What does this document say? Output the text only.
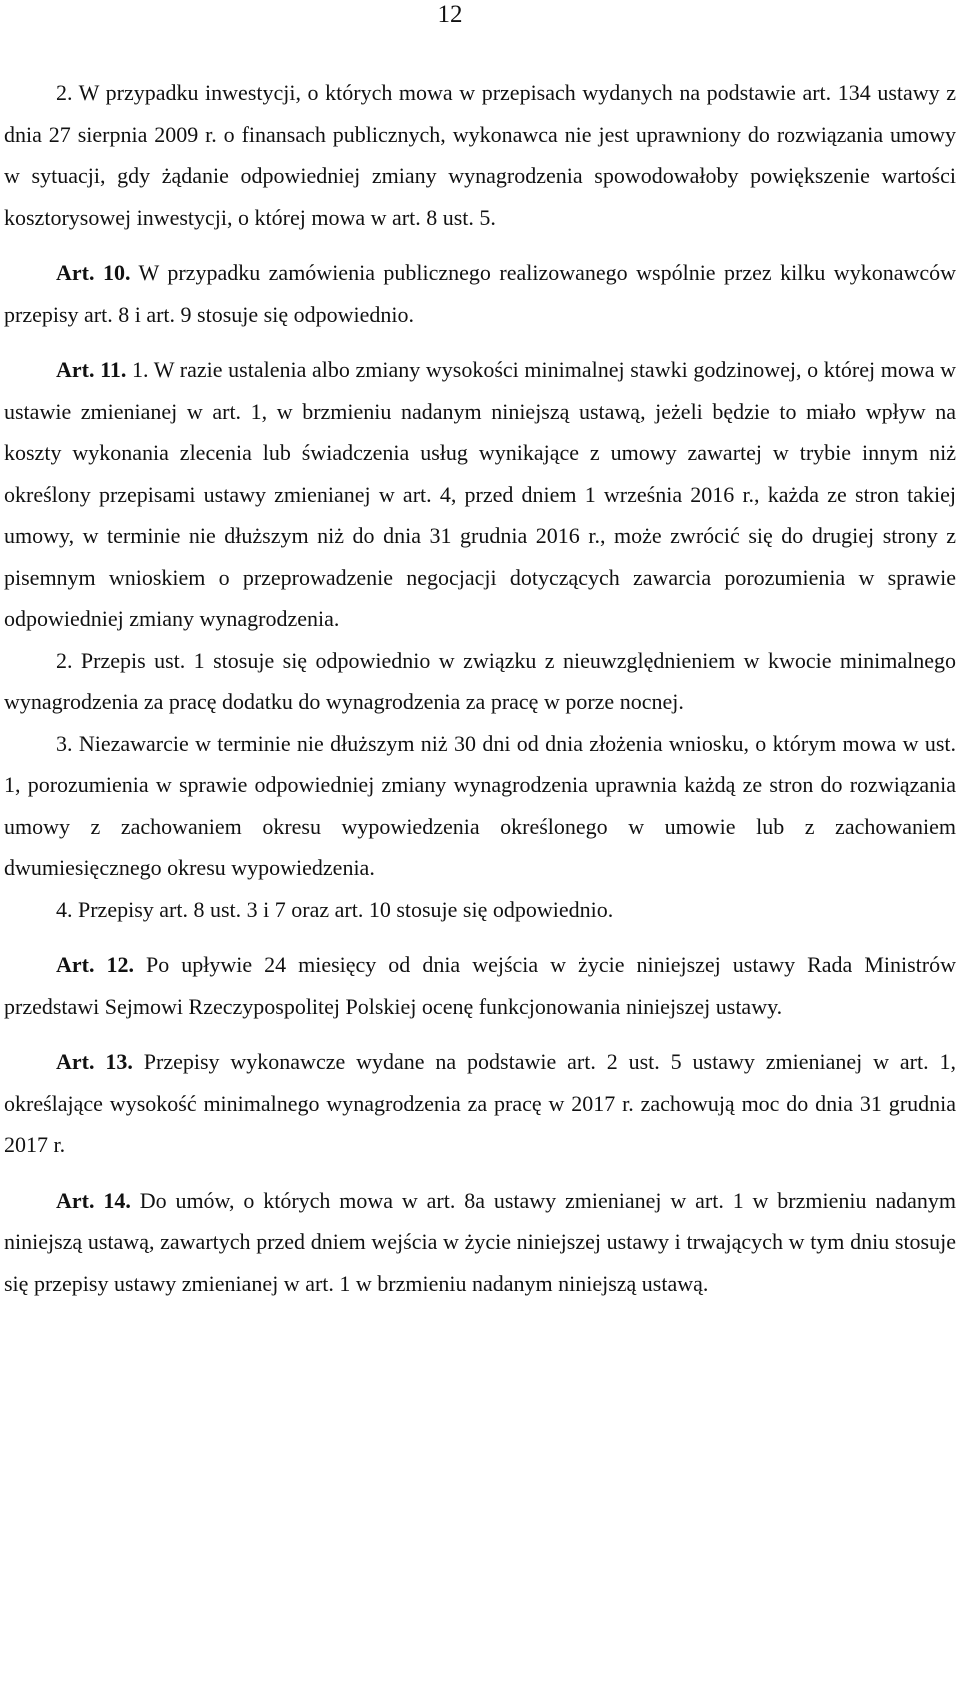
12

2. W przypadku inwestycji, o których mowa w przepisach wydanych na podstawie art. 134 ustawy z dnia 27 sierpnia 2009 r. o finansach publicznych, wykonawca nie jest uprawniony do rozwiązania umowy w sytuacji, gdy żądanie odpowiedniej zmiany wynagrodzenia spowodowałoby powiększenie wartości kosztorysowej inwestycji, o której mowa w art. 8 ust. 5.

Art. 10. W przypadku zamówienia publicznego realizowanego wspólnie przez kilku wykonawców przepisy art. 8 i art. 9 stosuje się odpowiednio.

Art. 11. 1. W razie ustalenia albo zmiany wysokości minimalnej stawki godzinowej, o której mowa w ustawie zmienianej w art. 1, w brzmieniu nadanym niniejszą ustawą, jeżeli będzie to miało wpływ na koszty wykonania zlecenia lub świadczenia usług wynikające z umowy zawartej w trybie innym niż określony przepisami ustawy zmienianej w art. 4, przed dniem 1 września 2016 r., każda ze stron takiej umowy, w terminie nie dłuższym niż do dnia 31 grudnia 2016 r., może zwrócić się do drugiej strony z pisemnym wnioskiem o przeprowadzenie negocjacji dotyczących zawarcia porozumienia w sprawie odpowiedniej zmiany wynagrodzenia.

2. Przepis ust. 1 stosuje się odpowiednio w związku z nieuwzględnieniem w kwocie minimalnego wynagrodzenia za pracę dodatku do wynagrodzenia za pracę w porze nocnej.

3. Niezawarcie w terminie nie dłuższym niż 30 dni od dnia złożenia wniosku, o którym mowa w ust. 1, porozumienia w sprawie odpowiedniej zmiany wynagrodzenia uprawnia każdą ze stron do rozwiązania umowy z zachowaniem okresu wypowiedzenia określonego w umowie lub z zachowaniem dwumiesięcznego okresu wypowiedzenia.

4. Przepisy art. 8 ust. 3 i 7 oraz art. 10 stosuje się odpowiednio.

Art. 12. Po upływie 24 miesięcy od dnia wejścia w życie niniejszej ustawy Rada Ministrów przedstawi Sejmowi Rzeczypospolitej Polskiej ocenę funkcjonowania niniejszej ustawy.

Art. 13. Przepisy wykonawcze wydane na podstawie art. 2 ust. 5 ustawy zmienianej w art. 1, określające wysokość minimalnego wynagrodzenia za pracę w 2017 r. zachowują moc do dnia 31 grudnia 2017 r.

Art. 14. Do umów, o których mowa w art. 8a ustawy zmienianej w art. 1 w brzmieniu nadanym niniejszą ustawą, zawartych przed dniem wejścia w życie niniejszej ustawy i trwających w tym dniu stosuje się przepisy ustawy zmienianej w art. 1 w brzmieniu nadanym niniejszą ustawą.
